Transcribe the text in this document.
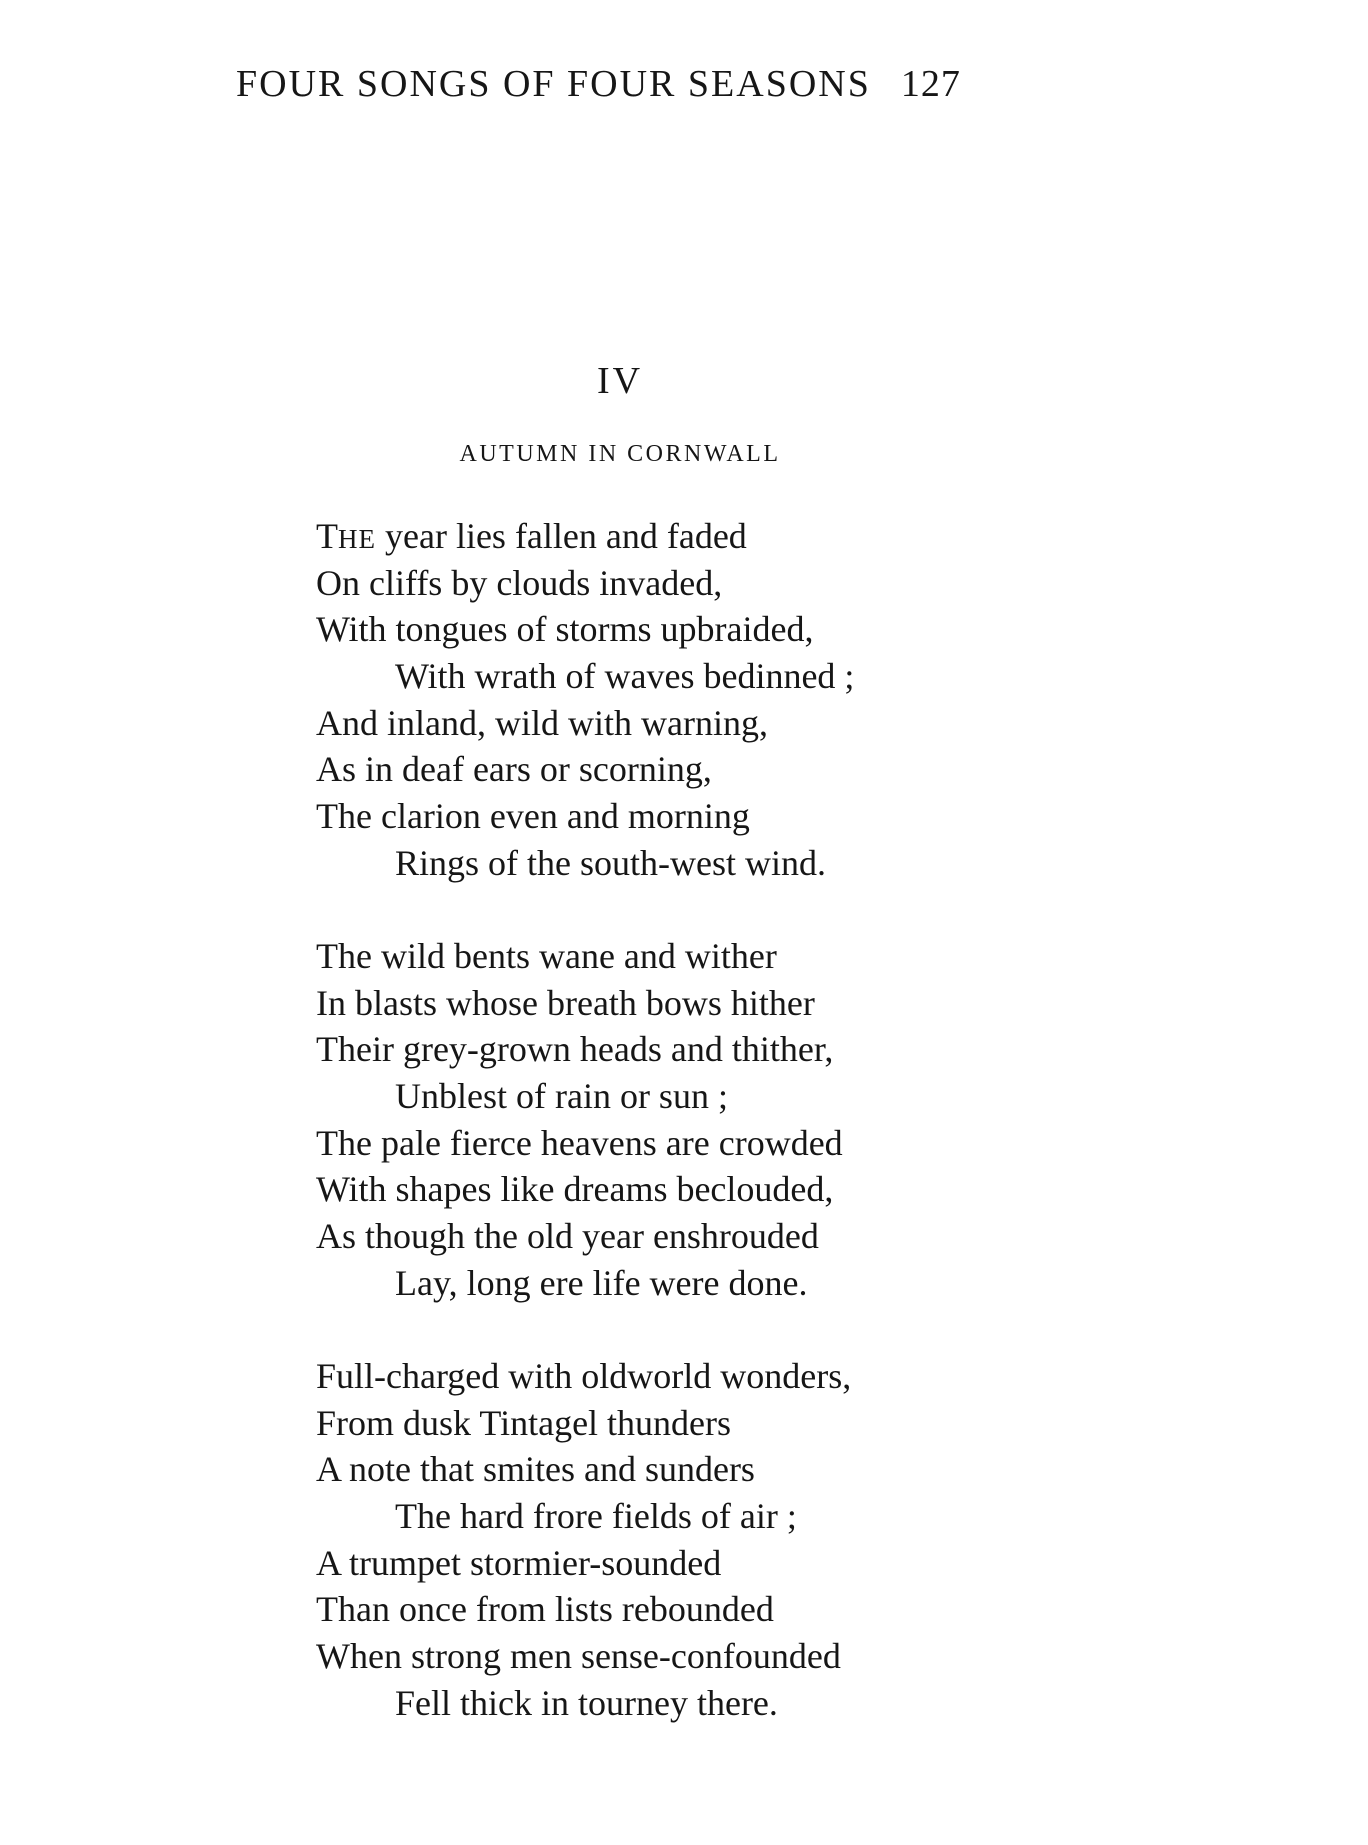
FOUR SONGS OF FOUR SEASONS 127
IV
AUTUMN IN CORNWALL
THE year lies fallen and faded
On cliffs by clouds invaded,
With tongues of storms upbraided,
With wrath of waves bedinned ;
And inland, wild with warning,
As in deaf ears or scorning,
The clarion even and morning
Rings of the south-west wind.
The wild bents wane and wither
In blasts whose breath bows hither
Their grey-grown heads and thither,
Unblest of rain or sun ;
The pale fierce heavens are crowded
With shapes like dreams beclouded,
As though the old year enshrouded
Lay, long ere life were done.
Full-charged with oldworld wonders,
From dusk Tintagel thunders
A note that smites and sunders
The hard frore fields of air ;
A trumpet stormier-sounded
Than once from lists rebounded
When strong men sense-confounded
Fell thick in tourney there.
